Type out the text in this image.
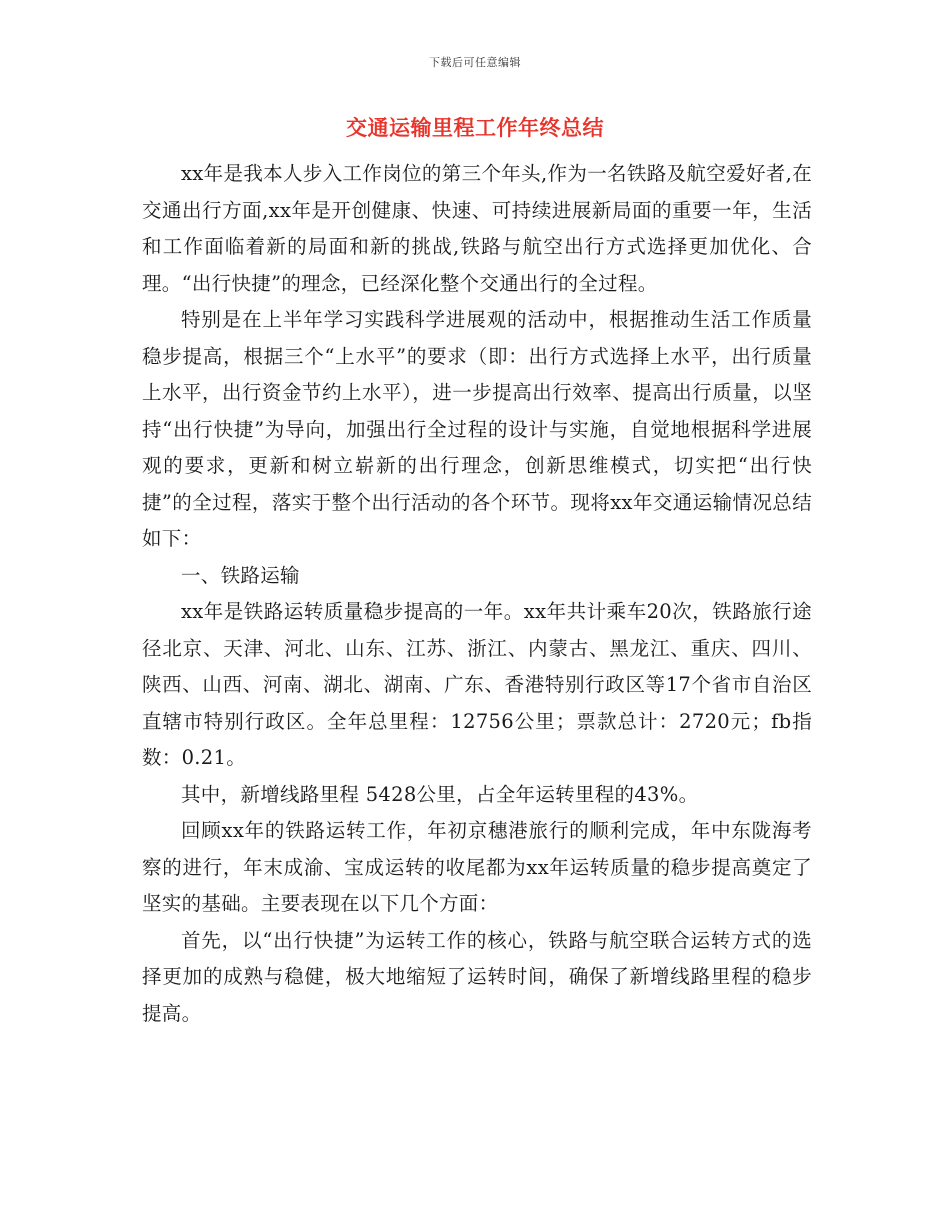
下载后可任意编辑
交通运输里程工作年终总结

xx年是我本人步入工作岗位的第三个年头,作为一名铁路及航空爱好者,在交通出行方面,xx年是开创健康、快速、可持续进展新局面的重要一年，生活和工作面临着新的局面和新的挑战,铁路与航空出行方式选择更加优化、合理。“出行快捷”的理念，已经深化整个交通出行的全过程。

特别是在上半年学习实践科学进展观的活动中，根据推动生活工作质量稳步提高，根据三个“上水平”的要求（即：出行方式选择上水平，出行质量上水平，出行资金节约上水平），进一步提高出行效率、提高出行质量，以坚持“出行快捷”为导向，加强出行全过程的设计与实施，自觉地根据科学进展观的要求，更新和树立崭新的出行理念，创新思维模式，切实把“出行快捷”的全过程，落实于整个出行活动的各个环节。现将xx年交通运输情况总结如下：

一、铁路运输

xx年是铁路运转质量稳步提高的一年。xx年共计乘车20次，铁路旅行途径北京、天津、河北、山东、江苏、浙江、内蒙古、黑龙江、重庆、四川、陕西、山西、河南、湖北、湖南、广东、香港特别行政区等17个省市自治区直辖市特别行政区。全年总里程：12756公里；票款总计：2720元；fb指数：0.21。

其中，新增线路里程 5428公里，占全年运转里程的43%。

回顾xx年的铁路运转工作，年初京穗港旅行的顺利完成，年中东陇海考察的进行，年末成渝、宝成运转的收尾都为xx年运转质量的稳步提高奠定了坚实的基础。主要表现在以下几个方面：

首先，以“出行快捷”为运转工作的核心，铁路与航空联合运转方式的选择更加的成熟与稳健，极大地缩短了运转时间，确保了新增线路里程的稳步提高。
